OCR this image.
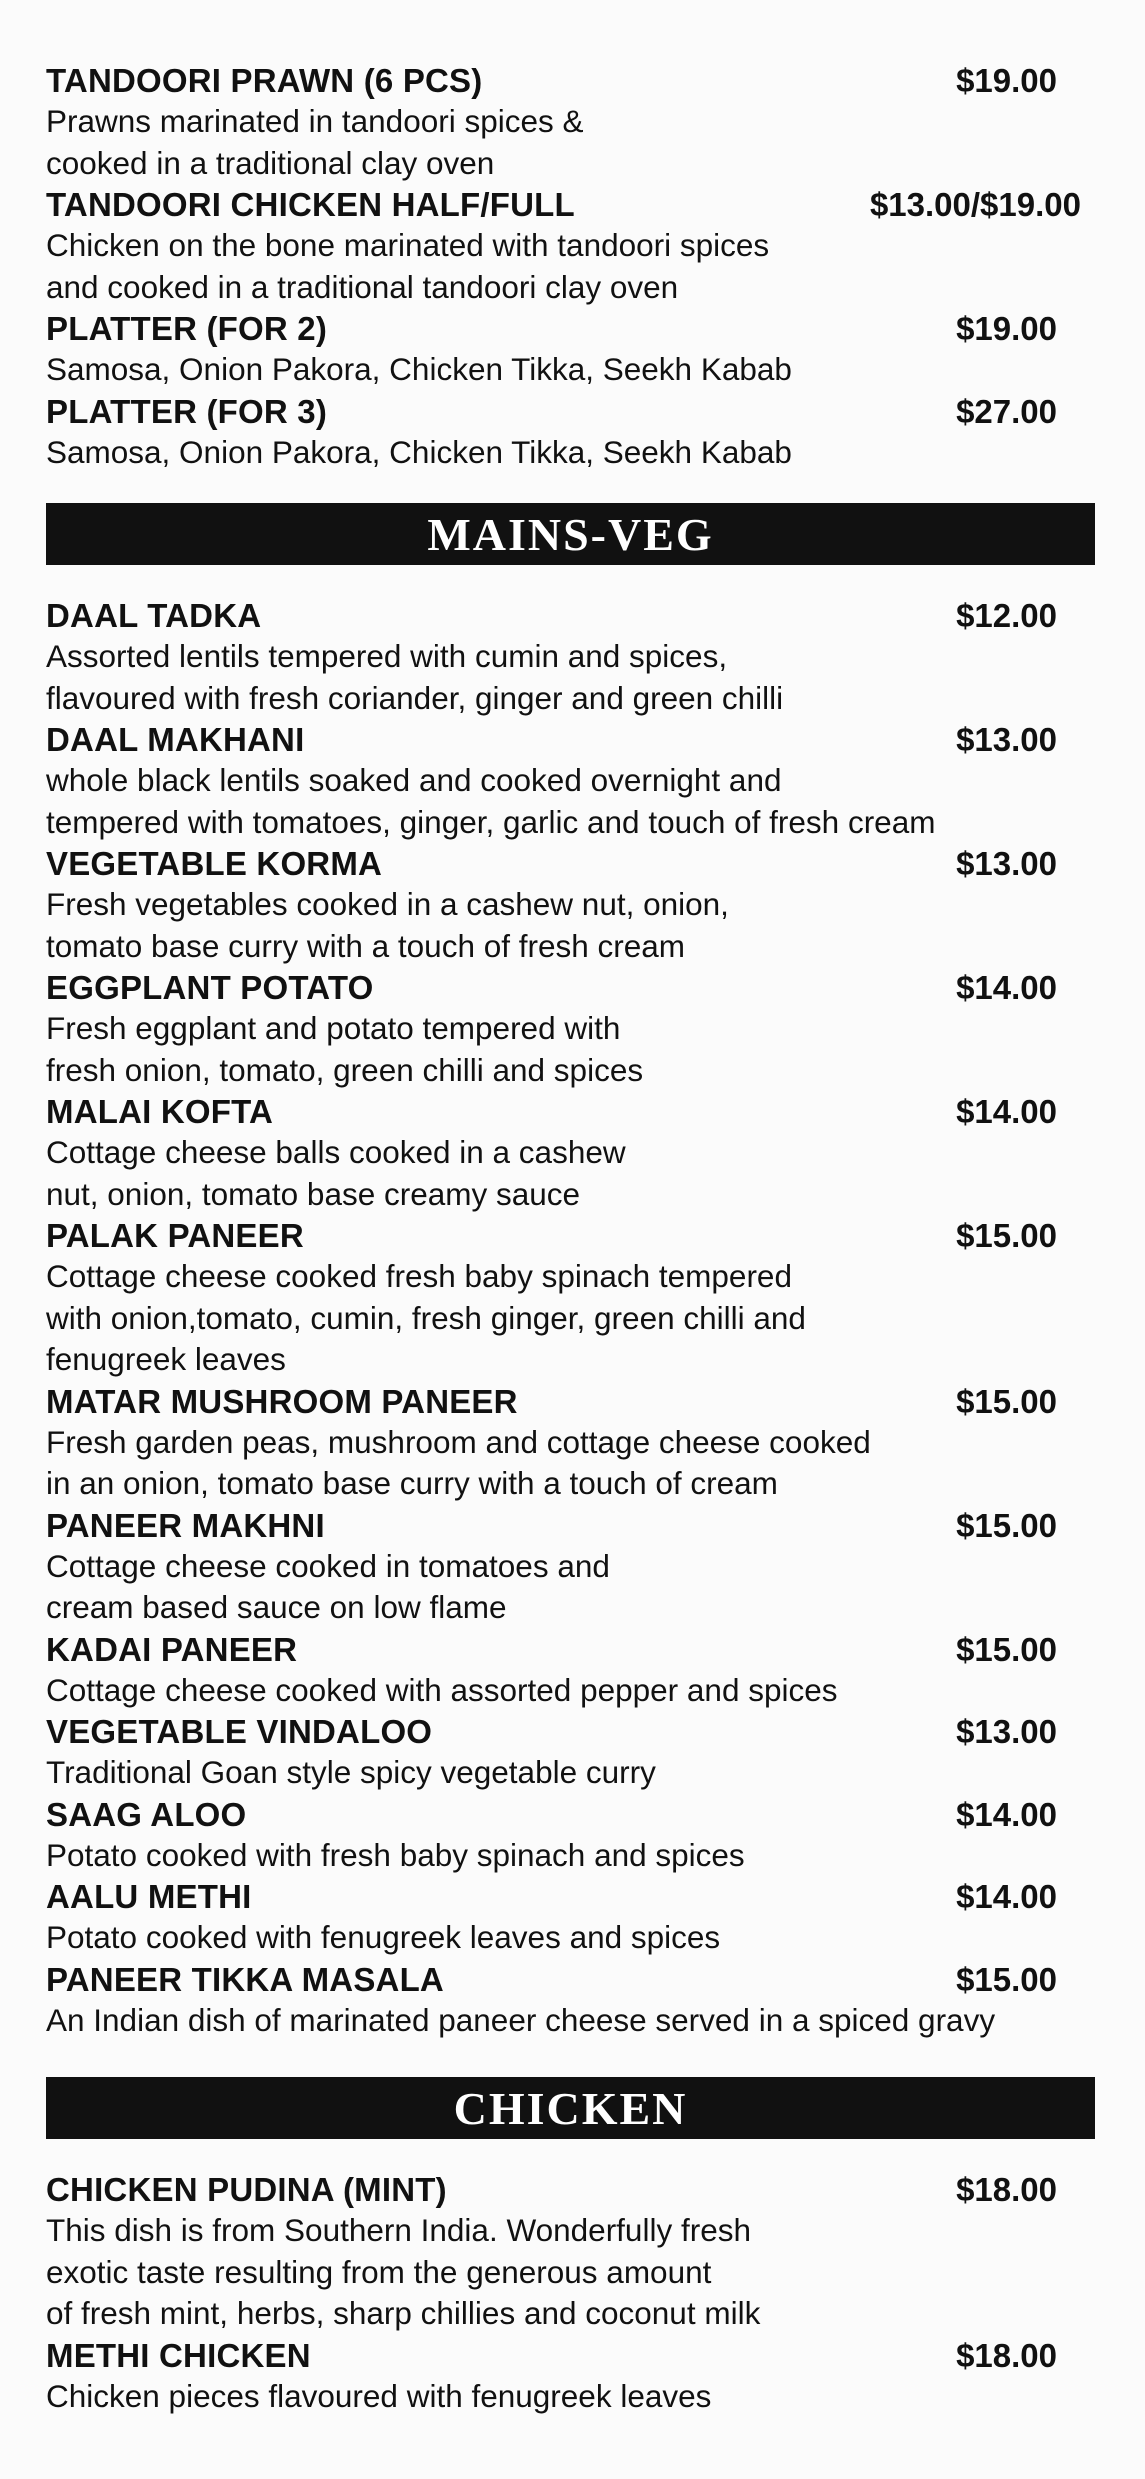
TANDOORI PRAWN (6 PCS)	$19.00
Prawns marinated in tandoori spices &
cooked in a traditional clay oven
TANDOORI CHICKEN HALF/FULL	$13.00/$19.00
Chicken on the bone marinated with tandoori spices
and cooked in a traditional tandoori clay oven
PLATTER (FOR 2)	$19.00
Samosa, Onion Pakora, Chicken Tikka, Seekh Kabab
PLATTER (FOR 3)	$27.00
Samosa, Onion Pakora, Chicken Tikka, Seekh Kabab
MAINS-VEG
DAAL TADKA	$12.00
Assorted lentils tempered with cumin and spices,
flavoured with fresh coriander, ginger and green chilli
DAAL MAKHANI	$13.00
whole black lentils soaked and cooked overnight and
tempered with tomatoes, ginger, garlic and touch of fresh cream
VEGETABLE KORMA	$13.00
Fresh vegetables cooked in a cashew nut, onion,
tomato base curry with a touch of fresh cream
EGGPLANT POTATO	$14.00
Fresh eggplant and potato tempered with
fresh onion, tomato, green chilli and spices
MALAI KOFTA	$14.00
Cottage cheese balls cooked in a cashew
nut, onion, tomato base creamy sauce
PALAK PANEER	$15.00
Cottage cheese cooked fresh baby spinach tempered
with onion,tomato, cumin, fresh ginger, green chilli and
fenugreek leaves
MATAR MUSHROOM PANEER	$15.00
Fresh garden peas, mushroom and cottage cheese cooked
in an onion, tomato base curry with a touch of cream
PANEER MAKHNI	$15.00
Cottage cheese cooked in tomatoes and
cream based sauce on low flame
KADAI PANEER	$15.00
Cottage cheese cooked with assorted pepper and spices
VEGETABLE VINDALOO	$13.00
Traditional Goan style spicy vegetable curry
SAAG ALOO	$14.00
Potato cooked with fresh baby spinach and spices
AALU METHI	$14.00
Potato cooked with fenugreek leaves and spices
PANEER TIKKA MASALA	$15.00
An Indian dish of marinated paneer cheese served in a spiced gravy
CHICKEN
CHICKEN PUDINA (MINT)	$18.00
This dish is from Southern India. Wonderfully fresh
exotic taste resulting from the generous amount
of fresh mint, herbs, sharp chillies and coconut milk
METHI CHICKEN	$18.00
Chicken pieces flavoured with fenugreek leaves
